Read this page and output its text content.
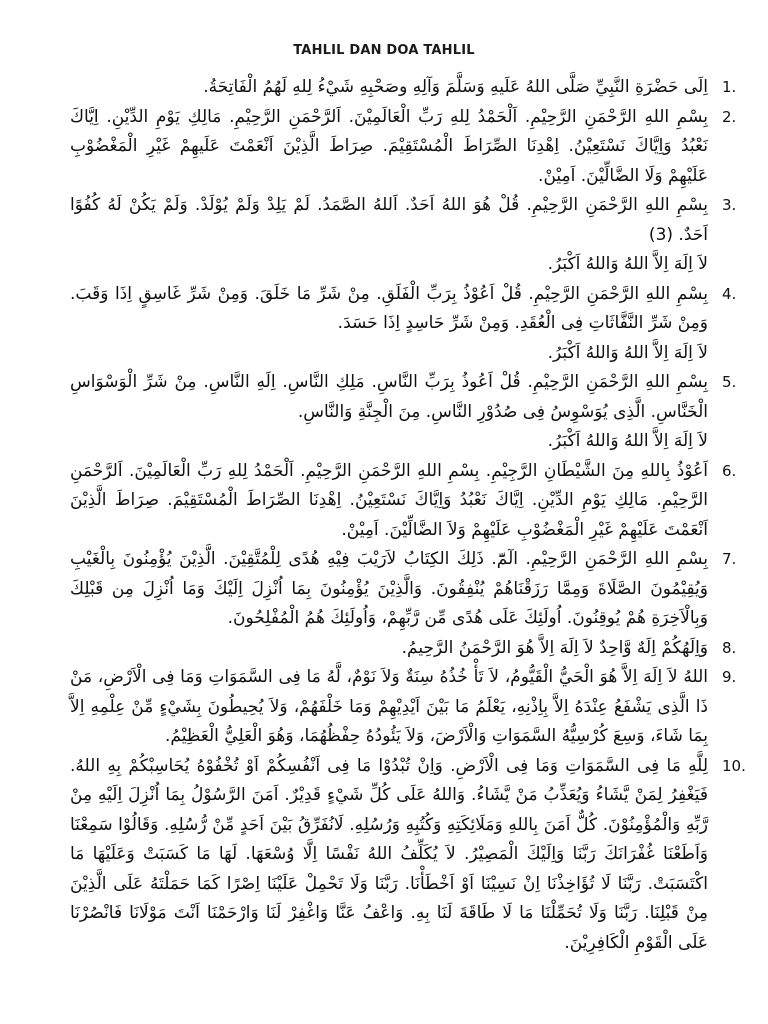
TAHLIL DAN DOA TAHLIL
1.

اِلَى حَضْرَةِ النَّبِيِّ صَلَّى اللهُ عَلَيهِ وَسَلَّمَ وَآلِهِ وصَحْبِهِ شَيْءُ لِلهِ لَهُمُ الْفَاتِحَةُ.

2.

بِسْمِ اللهِ الرَّحْمَنِ الرَّحِيْمِ. اَلْحَمْدُ لِلهِ رَبِّ الْعَالَمِيْنَ. اَلرَّحْمَنِ الرَّحِيْمِ. مَالِكِ يَوْمِ الدِّيْنِ. اِيَّاكَ نَعْبُدُ وَاِيَّاكَ نَسْتَعِيْنُ. اِهْدِنَا الصِّرَاطَ الْمُسْتَقِيْمَ. صِرَاطَ الَّذِيْنَ اَنْعَمْتَ عَلَيهِمْ غَيْرِ الْمَغْضُوْبِ عَلَيْهِمْ وَلَا الضَّالِّيْنَ. اَمِيْنْ.

3.

بِسْمِ اللهِ الرَّحْمَنِ الرَّحِيْمِ. قُلْ هُوَ اللهُ اَحَدٌ. اَللهُ الصَّمَدُ. لَمْ يَلِدْ وَلَمْ يُوْلَدْ. وَلَمْ يَكُنْ لَهُ كُفُوًا اَحَدٌ. (3)

لاَ اِلَهَ اِلاَّ اللهُ وَاللهُ اَكْبَرُ.

4.

بِسْمِ اللهِ الرَّحْمَنِ الرَّحِيْمِ. قُلْ اَعُوْذُ بِرَبِّ الْفَلَقِ. مِنْ شَرِّ مَا خَلَقَ. وَمِنْ شَرِّ غَاسِقٍ اِذَا وَقَبَ. وَمِنْ شَرِّ النَّفَّاثَاتِ فِى الْعُقَدِ. وَمِنْ شَرِّ حَاسِدٍ اِذَا حَسَدَ.

لاَ اِلَهَ اِلاَّ اللهُ وَاللهُ اَكْبَرُ.

5.

بِسْمِ اللهِ الرَّحْمَنِ الرَّحِيْمِ. قُلْ اَعُوذُ بِرَبِّ النَّاسِ. مَلِكِ النَّاسِ. اِلَهِ النَّاسِ. مِنْ شَرِّ الْوَسْوَاسِ الْخَنَّاسِ. الَّذِى يُوَسْوِسُ فِى صُدُوْرِ النَّاسِ. مِنَ الْجِنَّةِ وَالنَّاسِ.

لاَ اِلَهَ اِلاَّ اللهُ وَاللهُ اَكْبَرُ.

6.

اَعُوْذُ بِاللهِ مِنَ الشَّيْطَانِ الرَّجِيْمِ. بِسْمِ اللهِ الرَّحْمَنِ الرَّحِيْمِ. اَلْحَمْدُ لِلهِ رَبِّ الْعَالَمِيْنَ. اَلرَّحْمَنِ الرَّحِيْمِ. مَالِكِ يَوْمِ الدِّيْنِ. اِيَّاكَ نَعْبُدُ وَاِيَّاكَ نَسْتَعِيْنُ. اِهْدِنَا الصِّرَاطَ الْمُسْتَقِيْمَ. صِرَاطَ الَّذِيْنَ اَنْعَمْتَ عَلَيْهِمْ غَيْرِ الْمَغْضُوْبِ عَلَيْهِمْ وَلاَ الضَّالِّيْنَ. اَمِيْنْ.

7.

بِسْمِ اللهِ الرَّحْمَنِ الرَّحِيْمِ. الٓمّٓ. ذَلِكَ الكِتَابُ لاَرَيْبَ فِيْهِ هُدًى لِلْمُتَّقِيْنَ. الَّذِيْنَ يُؤْمِنُونَ بِالْغَيْبِ وَيُقِيْمُونَ الصَّلَاةَ وَمِمَّا رَزَقْنَاهُمْ يُنْفِقُونَ. وَالَّذِيْنَ يُؤْمِنُونَ بِمَا اُنْزِلَ اِلَيْكَ وَمَا اُنْزِلَ مِن قَبْلِكَ وَبِالْاَخِرَةِ هُمْ يُوقِنُونَ. اُولَئِكَ عَلَى هُدًى مِّن رَّبِّهِمْ، وَاُولَئِكَ هُمُ الْمُفْلِحُونَ.

8.

وَاِلَهُكُمْ اِلَهٌ وَّاحِدٌ لاَ اِلَهَ اِلاَّ هُوَ الرَّحْمَنُ الرَّحِيمُ.

9.

اللهُ لاَ اِلَهَ اِلاَّ هُوَ الْحَيُّ الْقَيُّومُ، لاَ تَأْ خُذُهُ سِنَةٌ وَلاَ نَوْمٌ، لَّهُ مَا فِى السَّمَوَاتِ وَمَا فِى الْاَرْضِ، مَنْ ذَا الَّذِى يَشْفَعُ عِنْدَهُ اِلاَّ بِاِذْنِهِ، يَعْلَمُ مَا بَيْنَ اَيْدِيْهِمْ وَمَا خَلْفَهُمْ، وَلاَ يُحِيطُونَ بِشَيْءٍ مِّنْ عِلْمِهِ اِلاَّ بِمَا شَاءَ، وَسِعَ كُرْسِيُّهُ السَّمَوَاتِ وَالْاَرْضَ، وَلاَ يَئُودُهُ حِفْظُهُمَا، وَهُوَ الْعَلِيُّ الْعَظِيْمُ.

10.

لِلَّهِ مَا فِى السَّمَوَاتِ وَمَا فِى الْاَرْضِ. وَاِنْ تُبْدُوْا مَا فِى اَنْفُسِكُمْ اَوْ تُخْفُوْهُ يُحَاسِبْكُمْ بِهِ اللهُ. فَيَغْفِرُ لِمَنْ يَّشَاءُ وَيُعَذِّبُ مَنْ يَّشَاءُ. وَاللهُ عَلَى كُلِّ شَيْءٍ قَدِيْرٌ. اَمَنَ الرَّسُوْلُ بِمَا اُنْزِلَ اِلَيْهِ مِنْ رَّبِّهِ وَالْمُؤْمِنُوْنَ. كُلٌّ اَمَنَ بِاللهِ وَمَلَائِكَتِهِ وَكُتُبِهِ وَرُسُلِهِ. لَانُفَرِّقُ بَيْنَ اَحَدٍ مِّنْ رُّسُلِهِ. وَقَالُوْا سَمِعْنَا وَاَطَعْنَا غُفْرَانَكَ رَبَّنَا وَاِلَيْكَ الْمَصِيْرُ. لاَ يُكَلِّفُ اللهُ نَفْسًا اِلَّا وُسْعَهَا. لَهَا مَا كَسَبَتْ وَعَلَيْهَا مَا اكْتَسَبَتْ. رَبَّنَا لَا تُؤَاخِذْنَا اِنْ نَسِيْنَا اَوْ اَخْطَأْنَا. رَبَّنَا وَلَا تَحْمِلْ عَلَيْنَا اِصْرًا كَمَا حَمَلْتَهُ عَلَى الَّذِيْنَ مِنْ قَبْلِنَا. رَبَّنَا وَلَا تُحَمِّلْنَا مَا لَا طَاقَةَ لَنَا بِهِ. وَاعْفُ عَنَّا وَاغْفِرْ لَنَا وَارْحَمْنَا اَنْتَ مَوْلَانَا فَانْصُرْنَا عَلَى الْقَوْمِ الْكَافِرِيْنَ.
